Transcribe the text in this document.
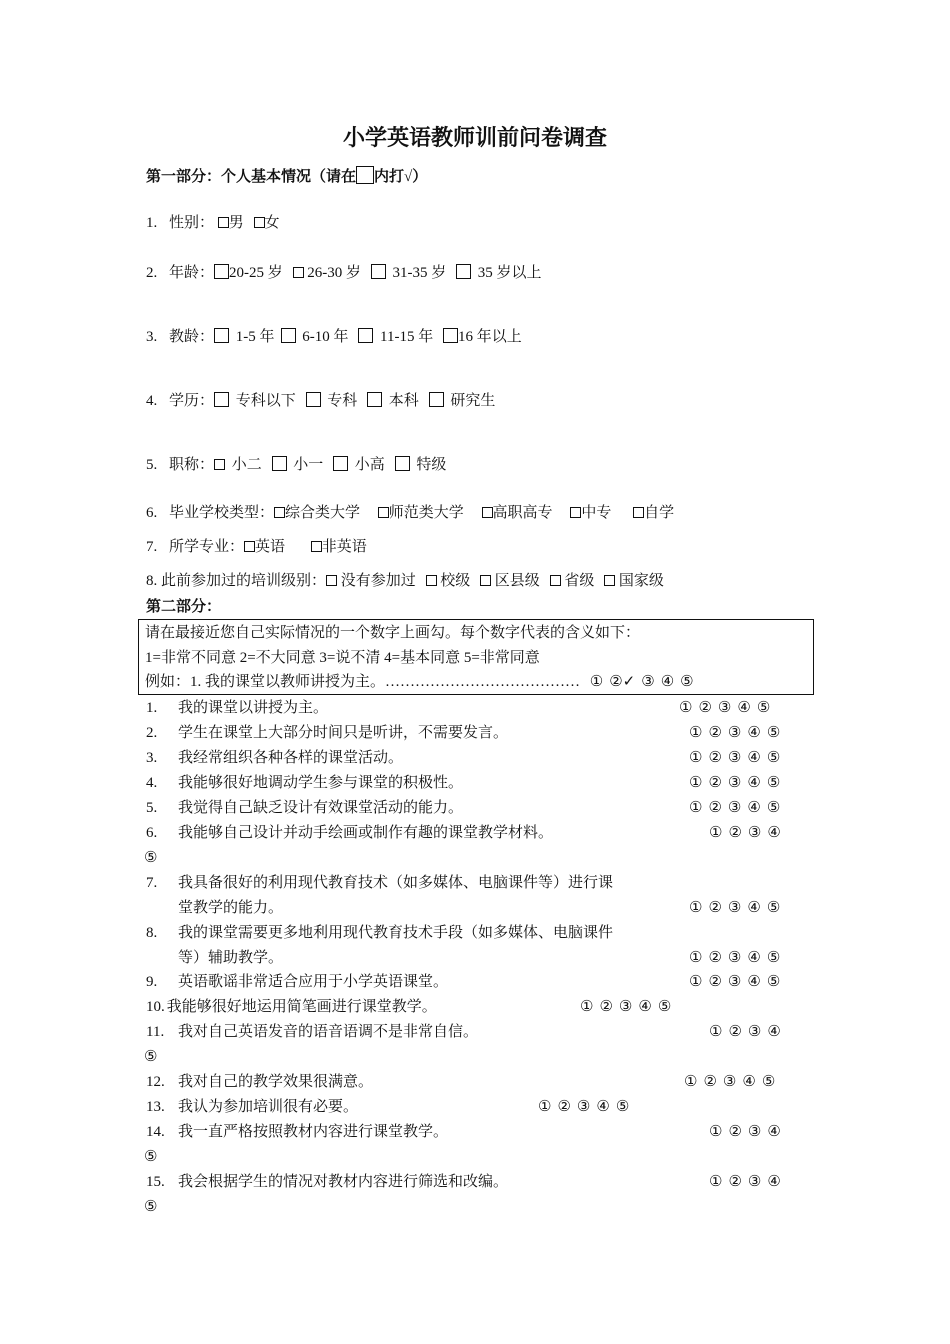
小学英语教师训前问卷调查
第一部分：个人基本情况（请在 内打√）
1. 性别： 男 女
2. 年龄： 20-25 岁 26-30 岁 31-35 岁 35 岁以上
3. 教龄： 1-5 年 6-10 年 11-15 年 16 年以上
4. 学历： 专科以下 专科 本科 研究生
5. 职称： 小二 小一 小高 特级
6. 毕业学校类型： 综合类大学 师范类大学 高职高专 中专 自学
7. 所学专业： 英语 非英语
8. 此前参加过的培训级别： 没有参加过 校级 区县级 省级 国家级
第二部分：
请在最接近您自己实际情况的一个数字上画勾。每个数字代表的含义如下：
1=非常不同意 2=不大同意 3=说不清 4=基本同意 5=非常同意
例如：1. 我的课堂以教师讲授为主。………………………………… ① ②✓ ③ ④ ⑤
1. 我的课堂以讲授为主。	① ② ③ ④ ⑤
2. 学生在课堂上大部分时间只是听讲，不需要发言。	① ② ③ ④ ⑤
3. 我经常组织各种各样的课堂活动。	① ② ③ ④ ⑤
4. 我能够很好地调动学生参与课堂的积极性。	① ② ③ ④ ⑤
5. 我觉得自己缺乏设计有效课堂活动的能力。	① ② ③ ④ ⑤
6. 我能够自己设计并动手绘画或制作有趣的课堂教学材料。	① ② ③ ④
⑤
7. 我具备很好的利用现代教育技术（如多媒体、电脑课件等）进行课
堂教学的能力。	① ② ③ ④ ⑤
8. 我的课堂需要更多地利用现代教育技术手段（如多媒体、电脑课件
等）辅助教学。	① ② ③ ④ ⑤
9. 英语歌谣非常适合应用于小学英语课堂。	① ② ③ ④ ⑤
10. 我能够很好地运用简笔画进行课堂教学。	① ② ③ ④ ⑤
11. 我对自己英语发音的语音语调不是非常自信。	① ② ③ ④
⑤
12. 我对自己的教学效果很满意。	① ② ③ ④ ⑤
13. 我认为参加培训很有必要。	① ② ③ ④ ⑤
14. 我一直严格按照教材内容进行课堂教学。	① ② ③ ④
⑤
15. 我会根据学生的情况对教材内容进行筛选和改编。	① ② ③ ④
⑤
